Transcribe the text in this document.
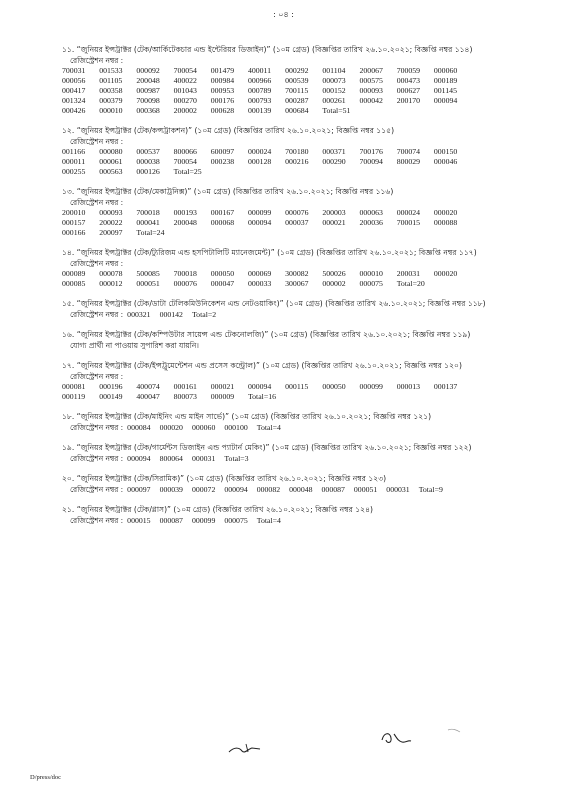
: ০৪ :
১১. “জুনিয়র ইন্সট্রাক্টর (টেক/আর্কিটেকচার এন্ড ইন্টেরিয়র ডিজাইন)” (১০ম গ্রেড) (বিজ্ঞপ্তির তারিখ ২৬.১০.২০২১; বিজ্ঞপ্তি নম্বর ১১৪)
রেজিস্ট্রেশন নম্বর :
700031	001533	000092	700054	001479	400011	000292	001104	200067	700059	000060
000056	001105	200048	400022	000984	000966	000539	000073	000575	000473	000189
000417	000358	000987	001043	000953	000789	700115	000152	000093	000627	001145
001324	000379	700098	000270	000176	000793	000287	000261	000042	200170	000094
000426	000010	000368	200002	000628	000139	000684	Total=51
১২. “জুনিয়র ইন্সট্রাক্টর (টেক/কন্সট্রাকশন)” (১০ম গ্রেড) (বিজ্ঞপ্তির তারিখ ২৬.১০.২০২১; বিজ্ঞপ্তি নম্বর ১১৫)
রেজিস্ট্রেশন নম্বর :
001166	000080	000537	800066	600097	000024	700180	000371	700176	700074	000150
000011	000061	000038	700054	000238	000128	000216	000290	700094	800029	000046
000255	000563	000126	Total=25
১৩. “জুনিয়র ইন্সট্রাক্টর (টেক/মেকাট্রনিক্স)” (১০ম গ্রেড) (বিজ্ঞপ্তির তারিখ ২৬.১০.২০২১; বিজ্ঞপ্তি নম্বর ১১৬)
রেজিস্ট্রেশন নম্বর :
200010	000093	700018	000193	000167	000099	000076	200003	000063	000024	000020
000157	200022	000041	200048	000068	000094	000037	000021	200036	700015	000088
000166	200097	Total=24
১৪. “জুনিয়র ইন্সট্রাক্টর (টেক/ট্যুরিজম এন্ড হসপিটালিটি ম্যানেজমেন্ট)” (১০ম গ্রেড) (বিজ্ঞপ্তির তারিখ ২৬.১০.২০২১; বিজ্ঞপ্তি নম্বর ১১৭)
রেজিস্ট্রেশন নম্বর :
000089	000078	500085	700018	000050	000069	300082	500026	000010	200031	000020
000085	000012	000051	000076	000047	000033	300067	000002	000075	Total=20
১৫. “জুনিয়র ইন্সট্রাক্টর (টেক/ডাটা টেলিকমিউনিকেশন এন্ড নেটওয়াকিং)” (১০ম গ্রেড) (বিজ্ঞপ্তির তারিখ ২৬.১০.২০২১; বিজ্ঞপ্তি নম্বর ১১৮)
রেজিস্ট্রেশন নম্বর : 000321 000142 Total=2
১৬. “জুনিয়র ইন্সট্রাক্টর (টেক/কম্পিউটার সায়েন্স এন্ড টেকনোলজি)” (১০ম গ্রেড) (বিজ্ঞপ্তির তারিখ ২৬.১০.২০২১; বিজ্ঞপ্তি নম্বর ১১৯)
যোগ্য প্রার্থী না পাওয়ায় সুপারিশ করা যায়নি।
১৭. “জুনিয়র ইন্সট্রাক্টর (টেক/ইন্সট্রুমেন্টেশন এন্ড প্রসেস কন্ট্রোল)” (১০ম গ্রেড) (বিজ্ঞপ্তির তারিখ ২৬.১০.২০২১; বিজ্ঞপ্তি নম্বর ১২০)
রেজিস্ট্রেশন নম্বর :
000081	000196	400074	000161	000021	000094	000115	000050	000099	000013	000137
000119	000149	400047	800073	000009	Total=16
১৮. “জুনিয়র ইন্সট্রাক্টর (টেক/মাইনিং এন্ড মাইন সার্ভে)” (১০ম গ্রেড) (বিজ্ঞপ্তির তারিখ ২৬.১০.২০২১; বিজ্ঞপ্তি নম্বর ১২১)
রেজিস্ট্রেশন নম্বর : 000084 000020 000060 000100 Total=4
১৯. “জুনিয়র ইন্সট্রাক্টর (টেক/গার্মেন্টস ডিজাইন এন্ড প্যাটার্ন মেকিং)” (১০ম গ্রেড) (বিজ্ঞপ্তির তারিখ ২৬.১০.২০২১; বিজ্ঞপ্তি নম্বর ১২২)
রেজিস্ট্রেশন নম্বর : 000094 800064 000031 Total=3
২০. “জুনিয়র ইন্সট্রাক্টর (টেক/সিরামিক)” (১০ম গ্রেড) (বিজ্ঞপ্তির তারিখ ২৬.১০.২০২১; বিজ্ঞপ্তি নম্বর ১২৩)
রেজিস্ট্রেশন নম্বর : 000097 000039 000072 000094 000082 000048 000087 000051 000031 Total=9
২১. “জুনিয়র ইন্সট্রাক্টর (টেক/গ্লাস)” (১০ম গ্রেড) (বিজ্ঞপ্তির তারিখ ২৬.১০.২০২১; বিজ্ঞপ্তি নম্বর ১২৪)
রেজিস্ট্রেশন নম্বর : 000015 000087 000099 000075 Total=4
D/press/doc
